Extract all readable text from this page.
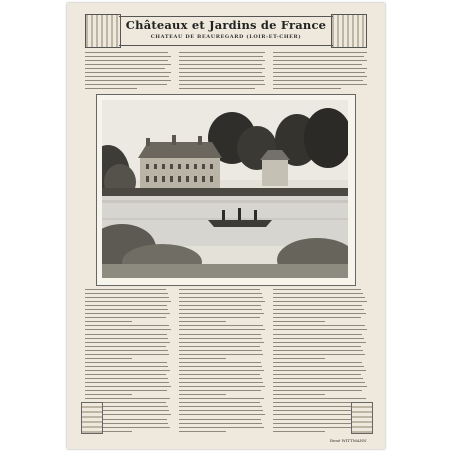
Châteaux et Jardins de France
CHATEAU DE BEAUREGARD (LOIR-ET-CHER)
René WITTMANN
